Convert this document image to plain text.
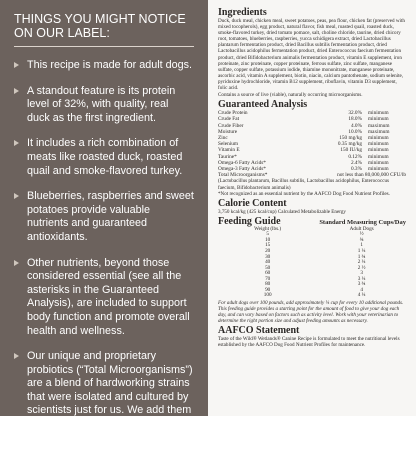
THINGS YOU MIGHT NOTICE ON OUR LABEL:
This recipe is made for adult dogs.
A standout feature is its protein level of 32%, with quality, real duck as the first ingredient.
It includes a rich combination of meats like roasted duck, roasted quail and smoke-flavored turkey.
Blueberries, raspberries and sweet potatoes provide valuable nutrients and guaranteed antioxidants.
Other nutrients, beyond those considered essential (see all the asterisks in the Guaranteed Analysis), are included to support body function and promote overall health and wellness.
Our unique and proprietary probiotics (“Total Microorganisms”) are a blend of hardworking strains that were isolated and cultured by scientists just for us. We add them at guaranteed levels so every serving can help support digestive, immune and overall health.
Ingredients

Duck, duck meal, chicken meal, sweet potatoes, peas, pea flour, chicken fat (preserved with mixed tocopherols), egg product, natural flavor, fish meal, roasted quail, roasted duck, smoke-flavored turkey, dried tomato pomace, salt, choline chloride, taurine, dried chicory root, tomatoes, blueberries, raspberries, yucca schidigera extract, dried Lactobacillus plantarum fermentation product, dried Bacillus subtilis fermentation product, dried Lactobacillus acidophilus fermentation product, dried Enterococcus faecium fermentation product, dried Bifidobacterium animalis fermentation product, vitamin E supplement, iron proteinate, zinc proteinate, copper proteinate, ferrous sulfate, zinc sulfate, manganese sulfate, copper sulfate, potassium iodide, thiamine mononitrate, manganese proteinate, ascorbic acid, vitamin A supplement, biotin, niacin, calcium pantothenate, sodium selenite, pyridoxine hydrochloride, vitamin B12 supplement, riboflavin, vitamin D3 supplement, folic acid.

Contains a source of live (viable), naturally occurring microorganisms.

Guaranteed Analysis
Crude Protein	32.0%	minimum
Crude Fat	18.0%	minimum
Crude Fiber	4.0%	maximum
Moisture	10.0%	maximum
Zinc	150 mg/kg	minimum
Selenium	0.35 mg/kg	minimum
Vitamin E	150 IU/kg	minimum
Taurine*	0.12%	minimum
Omega-6 Fatty Acids*	2.4%	minimum
Omega-3 Fatty Acids*	0.3%	minimum
Total Microorganisms*	not less than 80,000,000 CFU/lb	

(Lactobacillus plantarum, Bacillus subtilis, Lactobacillus acidophilus, Enterococcus faecium, Bifidobacterium animalis)

*Not recognized as an essential nutrient by the AAFCO Dog Food Nutrient Profiles.

Calorie Content

3,750 kcal/kg (425 kcal/cup) Calculated Metabolizable Energy

Feeding Guide	Standard Measuring Cups/Day
Weight (lbs.)	Adult Dogs
5	½
10	¾
15	1
20	1 ¼
30	1 ¾
40	2 ¼
50	2 ½
60	3
70	3 ¼
80	3 ¾
90	4
100	4 ¼

For adult dogs over 100 pounds, add approximately ¼ cup for every 10 additional pounds. This feeding guide provides a starting point for the amount of food to give your dog each day, and can vary based on factors such as activity level. Work with your veterinarian to determine the right portion size and adjust feeding amounts as necessary.

AAFCO Statement

Taste of the Wild® Wetlands® Canine Recipe is formulated to meet the nutritional levels established by the AAFCO Dog Food Nutrient Profiles for maintenance.
